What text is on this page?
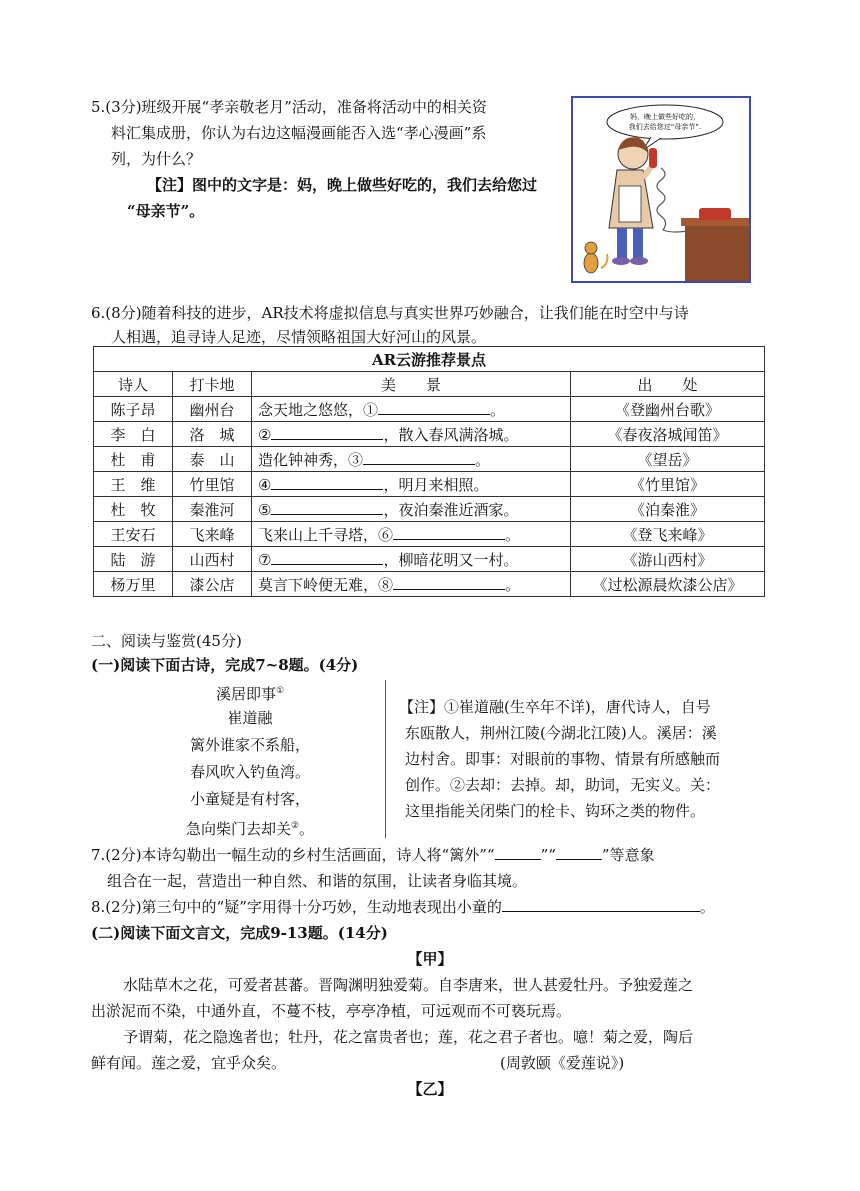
5.(3分)班级开展“孝亲敬老月”活动，准备将活动中的相关资
料汇集成册，你认为右边这幅漫画能否入选“孝心漫画”系
列，为什么？
【注】图中的文字是：妈，晚上做些好吃的，我们去给您过
“母亲节”。
妈，晚上做些好吃的，
我们去给您过“母亲节”.
6.(8分)随着科技的进步，AR技术将虚拟信息与真实世界巧妙融合，让我们能在时空中与诗
人相遇，追寻诗人足迹，尽情领略祖国大好河山的风景。
AR云游推荐景点			
诗人	打卡地	美　　景	出　　处
陈子昂	幽州台	念天地之悠悠，① 。	《登幽州台歌》
李　白	洛　城	② ，散入春风满洛城。	《春夜洛城闻笛》
杜　甫	泰　山	造化钟神秀，③ 。	《望岳》
王　维	竹里馆	④ ，明月来相照。	《竹里馆》
杜　牧	秦淮河	⑤ ，夜泊秦淮近酒家。	《泊秦淮》
王安石	飞来峰	飞来山上千寻塔，⑥ 。	《登飞来峰》
陆　游	山西村	⑦ ，柳暗花明又一村。	《游山西村》
杨万里	漆公店	莫言下岭便无难，⑧ 。	《过松源晨炊漆公店》
二、阅读与鉴赏(45分)
(一)阅读下面古诗，完成7~8题。(4分)
溪居即事①
崔道融
篱外谁家不系船，
春风吹入钓鱼湾。
小童疑是有村客，
急向柴门去却关②。
【注】①崔道融(生卒年不详)，唐代诗人，自号
东瓯散人，荆州江陵(今湖北江陵)人。溪居：溪
边村舍。即事：对眼前的事物、情景有所感触而
创作。②去却：去掉。却，助词，无实义。关：
这里指能关闭柴门的栓卡、钩环之类的物件。
7.(2分)本诗勾勒出一幅生动的乡村生活画面，诗人将“篱外”“	”“	”等意象
组合在一起，营造出一种自然、和谐的氛围，让读者身临其境。
8.(2分)第三句中的“疑”字用得十分巧妙，生动地表现出小童的	。
(二)阅读下面文言文，完成9-13题。(14分)
【甲】
水陆草木之花，可爱者甚蕃。晋陶渊明独爱菊。自李唐来，世人甚爱牡丹。予独爱莲之
出淤泥而不染，中通外直，不蔓不枝，亭亭净植，可远观而不可亵玩焉。
予谓菊，花之隐逸者也；牡丹，花之富贵者也；莲，花之君子者也。噫！菊之爱，陶后
鲜有闻。莲之爱，宜乎众矣。	(周敦颐《爱莲说》)
【乙】
